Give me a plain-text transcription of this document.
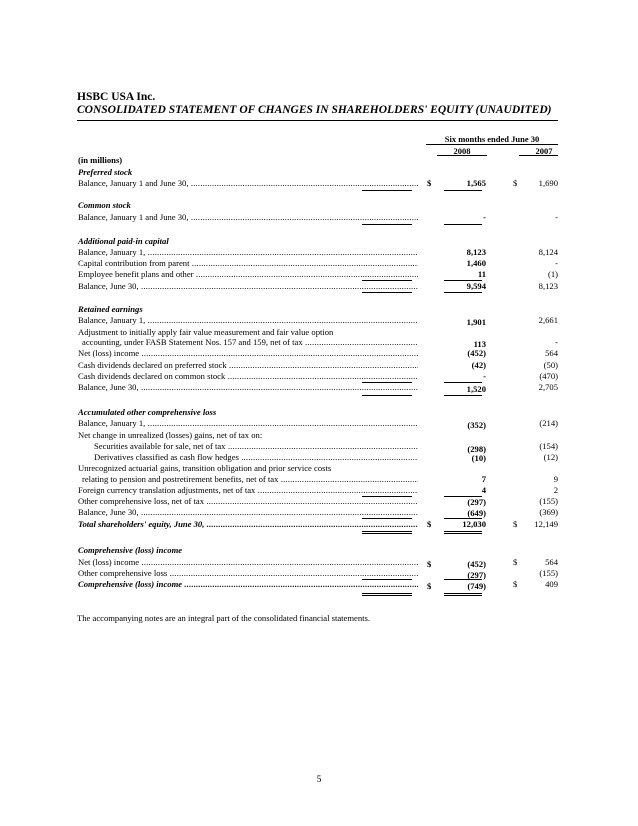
HSBC USA Inc.
CONSOLIDATED STATEMENT OF CHANGES IN SHAREHOLDERS' EQUITY (UNAUDITED)
Six months ended June 30
2008	2007
(in millions)
Preferred stock
Balance, January 1 and June 30, .....	$	1,565	$	1,690
Common stock
Balance, January 1 and June 30, .....	-	-
Additional paid-in capital
Balance, January 1, .....	8,123	8,124
Capital contribution from parent .....	1,460	-
Employee benefit plans and other .....	11	(1)
Balance, June 30, .....	9,594	8,123
Retained earnings
Balance, January 1, .....	1,901	2,661
Adjustment to initially apply fair value measurement and fair value option
accounting, under FASB Statement Nos. 157 and 159, net of tax .....	113	-
Net (loss) income .....	(452)	564
Cash dividends declared on preferred stock .....	(42)	(50)
Cash dividends declared on common stock .....	-	(470)
Balance, June 30, .....	1,520	2,705
Accumulated other comprehensive loss
Balance, January 1, .....	(352)	(214)
Net change in unrealized (losses) gains, net of tax on:
Securities available for sale, net of tax .....	(298)	(154)
Derivatives classified as cash flow hedges .....	(10)	(12)
Unrecognized actuarial gains, transition obligation and prior service costs
relating to pension and postretirement benefits, net of tax .....	7	9
Foreign currency translation adjustments, net of tax .....	4	2
Other comprehensive loss, net of tax .....	(297)	(155)
Balance, June 30, .....	(649)	(369)
Total shareholders' equity, June 30, .....	$	12,030	$	12,149
Comprehensive (loss) income
Net (loss) income .....	$	(452)	$	564
Other comprehensive loss .....	(297)	(155)
Comprehensive (loss) income .....	$	(749)	$	409
The accompanying notes are an integral part of the consolidated financial statements.
5
